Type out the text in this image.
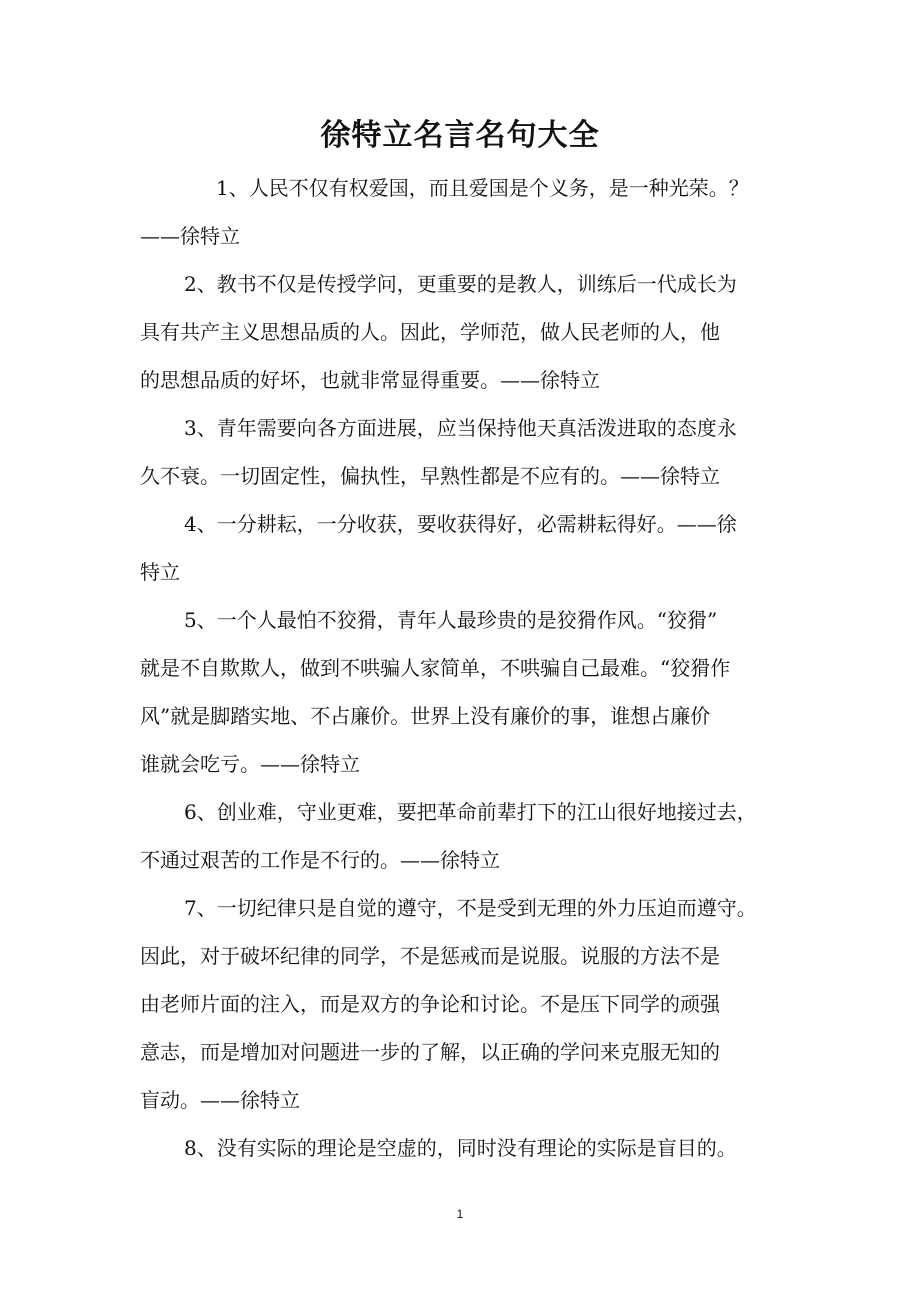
徐特立名言名句大全

1、人民不仅有权爱国，而且爱国是个义务，是一种光荣。？

——徐特立

2、教书不仅是传授学问，更重要的是教人，训练后一代成长为

具有共产主义思想品质的人。因此，学师范，做人民老师的人，他

的思想品质的好坏，也就非常显得重要。——徐特立

3、青年需要向各方面进展，应当保持他天真活泼进取的态度永

久不衰。一切固定性，偏执性，早熟性都是不应有的。——徐特立

4、一分耕耘，一分收获，要收获得好，必需耕耘得好。——徐

特立

5、一个人最怕不狡猾，青年人最珍贵的是狡猾作风。“狡猾”

就是不自欺欺人，做到不哄骗人家简单，不哄骗自己最难。“狡猾作

风”就是脚踏实地、不占廉价。世界上没有廉价的事，谁想占廉价

谁就会吃亏。——徐特立

6、创业难，守业更难，要把革命前辈打下的江山很好地接过去，

不通过艰苦的工作是不行的。——徐特立

7、一切纪律只是自觉的遵守，不是受到无理的外力压迫而遵守。

因此，对于破坏纪律的同学，不是惩戒而是说服。说服的方法不是

由老师片面的注入，而是双方的争论和讨论。不是压下同学的顽强

意志，而是增加对问题进一步的了解，以正确的学问来克服无知的

盲动。——徐特立

8、没有实际的理论是空虚的，同时没有理论的实际是盲目的。

1
